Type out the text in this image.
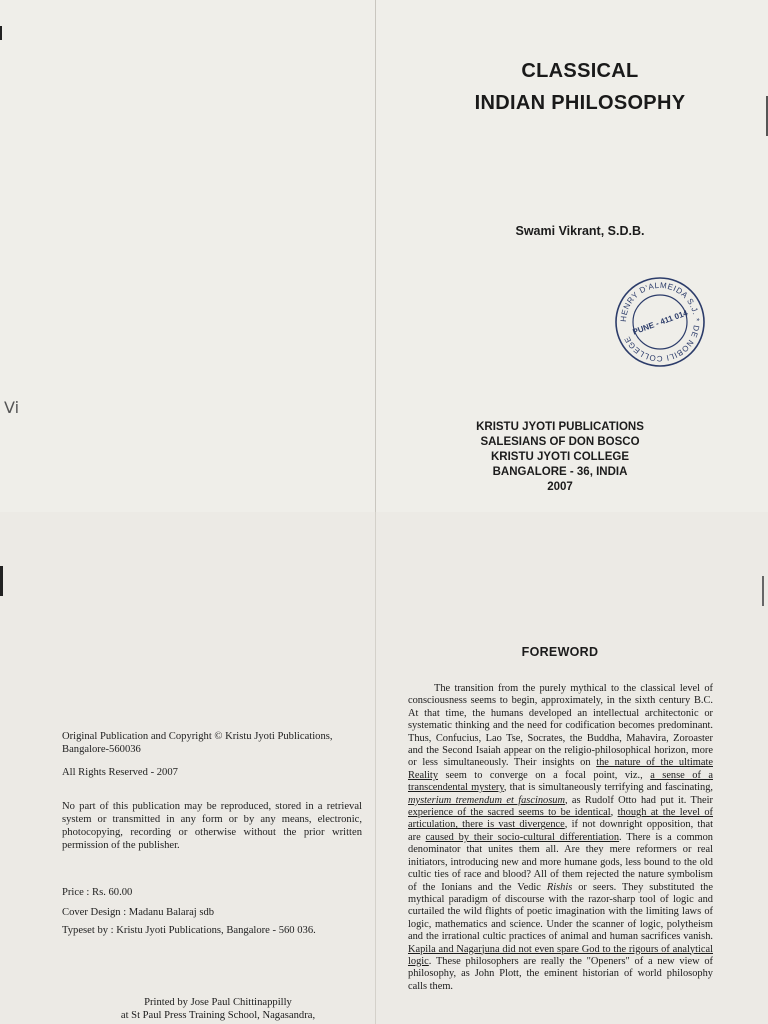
CLASSICAL
INDIAN PHILOSOPHY
Swami Vikrant, S.D.B.
HENRY D'ALMEIDA S.J. * DE NOBILI COLLEGE
PUNE - 411 014
Vi
KRISTU JYOTI PUBLICATIONS
SALESIANS OF DON BOSCO
KRISTU JYOTI COLLEGE
BANGALORE - 36, INDIA
2007
Original Publication and Copyright © Kristu Jyoti Publications, Bangalore-560036
All Rights Reserved - 2007
No part of this publication may be reproduced, stored in a retrieval system or transmitted in any form or by any means, electronic, photocopying, recording or otherwise without the prior written permission of the publisher.
Price : Rs. 60.00
Cover Design : Madanu Balaraj sdb
Typeset by : Kristu Jyoti Publications, Bangalore - 560 036.
Printed by Jose Paul Chittinappilly
at St Paul Press Training School, Nagasandra,
FOREWORD

The transition from the purely mythical to the classical level of consciousness seems to begin, approximately, in the sixth century B.C. At that time, the humans developed an intellectual architectonic or systematic thinking and the need for codification becomes predominant. Thus, Confucius, Lao Tse, Socrates, the Buddha, Mahavira, Zoroaster and the Second Isaiah appear on the religio-philosophical horizon, more or less simultaneously. Their insights on the nature of the ultimate Reality seem to converge on a focal point, viz., a sense of a transcendental mystery, that is simultaneously terrifying and fascinating, mysterium tremendum et fascinosum, as Rudolf Otto had put it. Their experience of the sacred seems to be identical, though at the level of articulation, there is vast divergence, if not downright opposition, that are caused by their socio-cultural differentiation. There is a common denominator that unites them all. Are they mere reformers or real initiators, introducing new and more humane gods, less bound to the old cultic ties of race and blood? All of them rejected the nature symbolism of the Ionians and the Vedic Rishis or seers. They substituted the mythical paradigm of discourse with the razor-sharp tool of logic and curtailed the wild flights of poetic imagination with the limiting laws of logic, mathematics and science. Under the scanner of logic, polytheism and the irrational cultic practices of animal and human sacrifices vanish. Kapila and Nagarjuna did not even spare God to the rigours of analytical logic. These philosophers are really the "Openers" of a new view of philosophy, as John Plott, the eminent historian of world philosophy calls them.
